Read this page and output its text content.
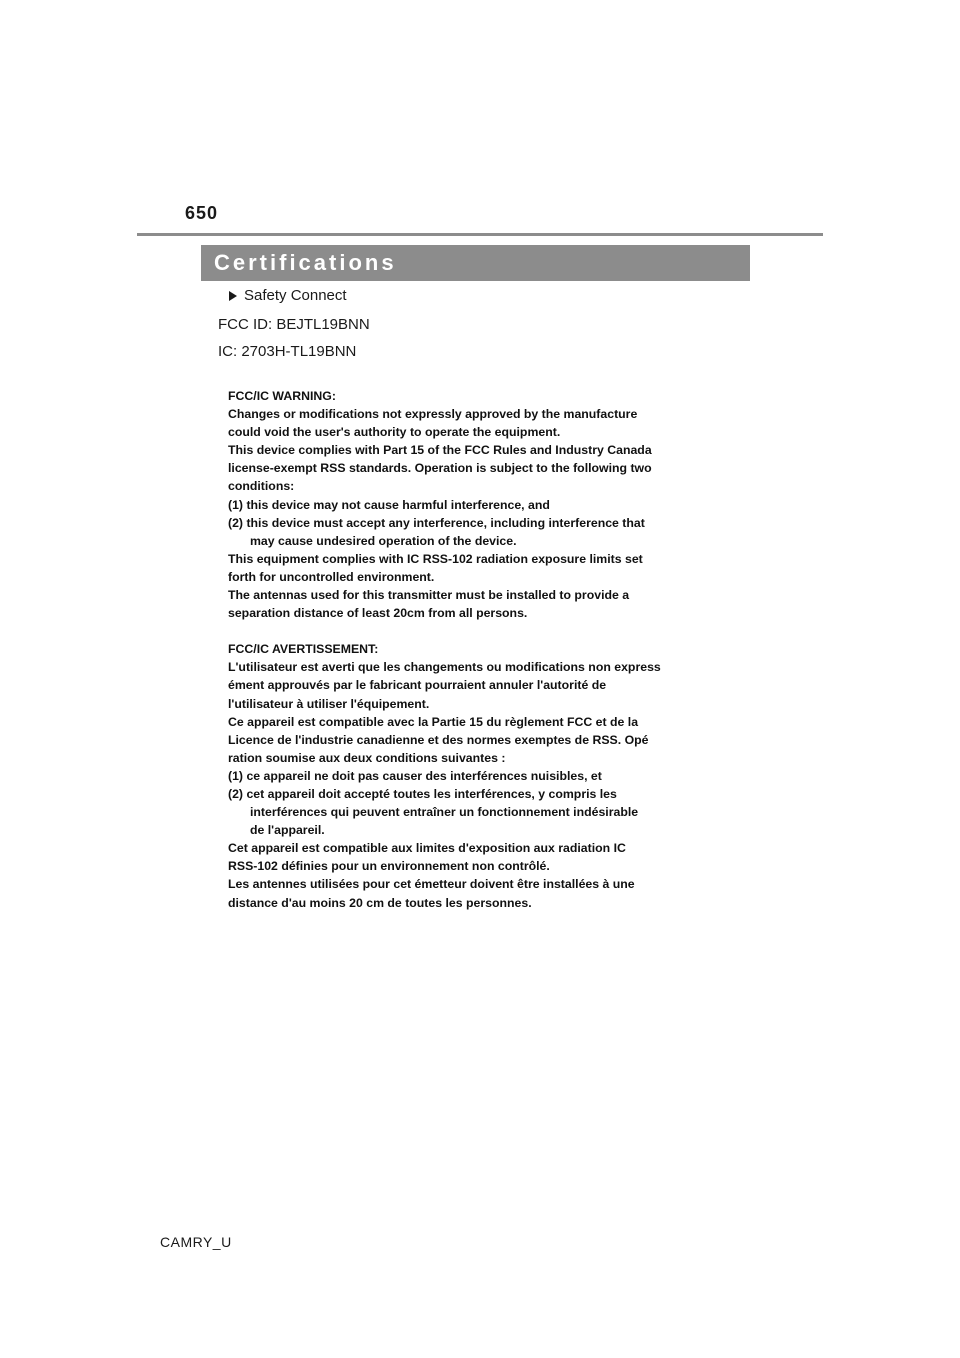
650
Certifications
Safety Connect
FCC ID: BEJTL19BNN
IC: 2703H-TL19BNN
FCC/IC WARNING:
Changes or modifications not expressly approved by the manufacture
could void the user's authority to operate the equipment.
This device complies with Part 15 of the FCC Rules and Industry Canada
license-exempt RSS standards. Operation is subject to the following two
conditions:
(1) this device may not cause harmful interference, and
(2) this device must accept any interference, including interference that
may cause undesired operation of the device.
This equipment complies with IC RSS-102 radiation exposure limits set
forth for uncontrolled environment.
The antennas used for this transmitter must be installed to provide a
separation distance of least 20cm from all persons.
FCC/IC AVERTISSEMENT:
L'utilisateur est averti que les changements ou modifications non express
ément approuvés par le fabricant pourraient annuler l'autorité de
l'utilisateur à utiliser l'équipement.
Ce appareil est compatible avec la Partie 15 du règlement FCC et de la
Licence de l'industrie canadienne et des normes exemptes de RSS. Opé
ration soumise aux deux conditions suivantes :
(1) ce appareil ne doit pas causer des interférences nuisibles, et
(2) cet appareil doit accepté toutes les interférences, y compris les
interférences qui peuvent entraîner un fonctionnement indésirable
de l'appareil.
Cet appareil est compatible aux limites d'exposition aux radiation IC
RSS-102 définies pour un environnement non contrôlé.
Les antennes utilisées pour cet émetteur doivent être installées à une
distance d'au moins 20 cm de toutes les personnes.
CAMRY_U
